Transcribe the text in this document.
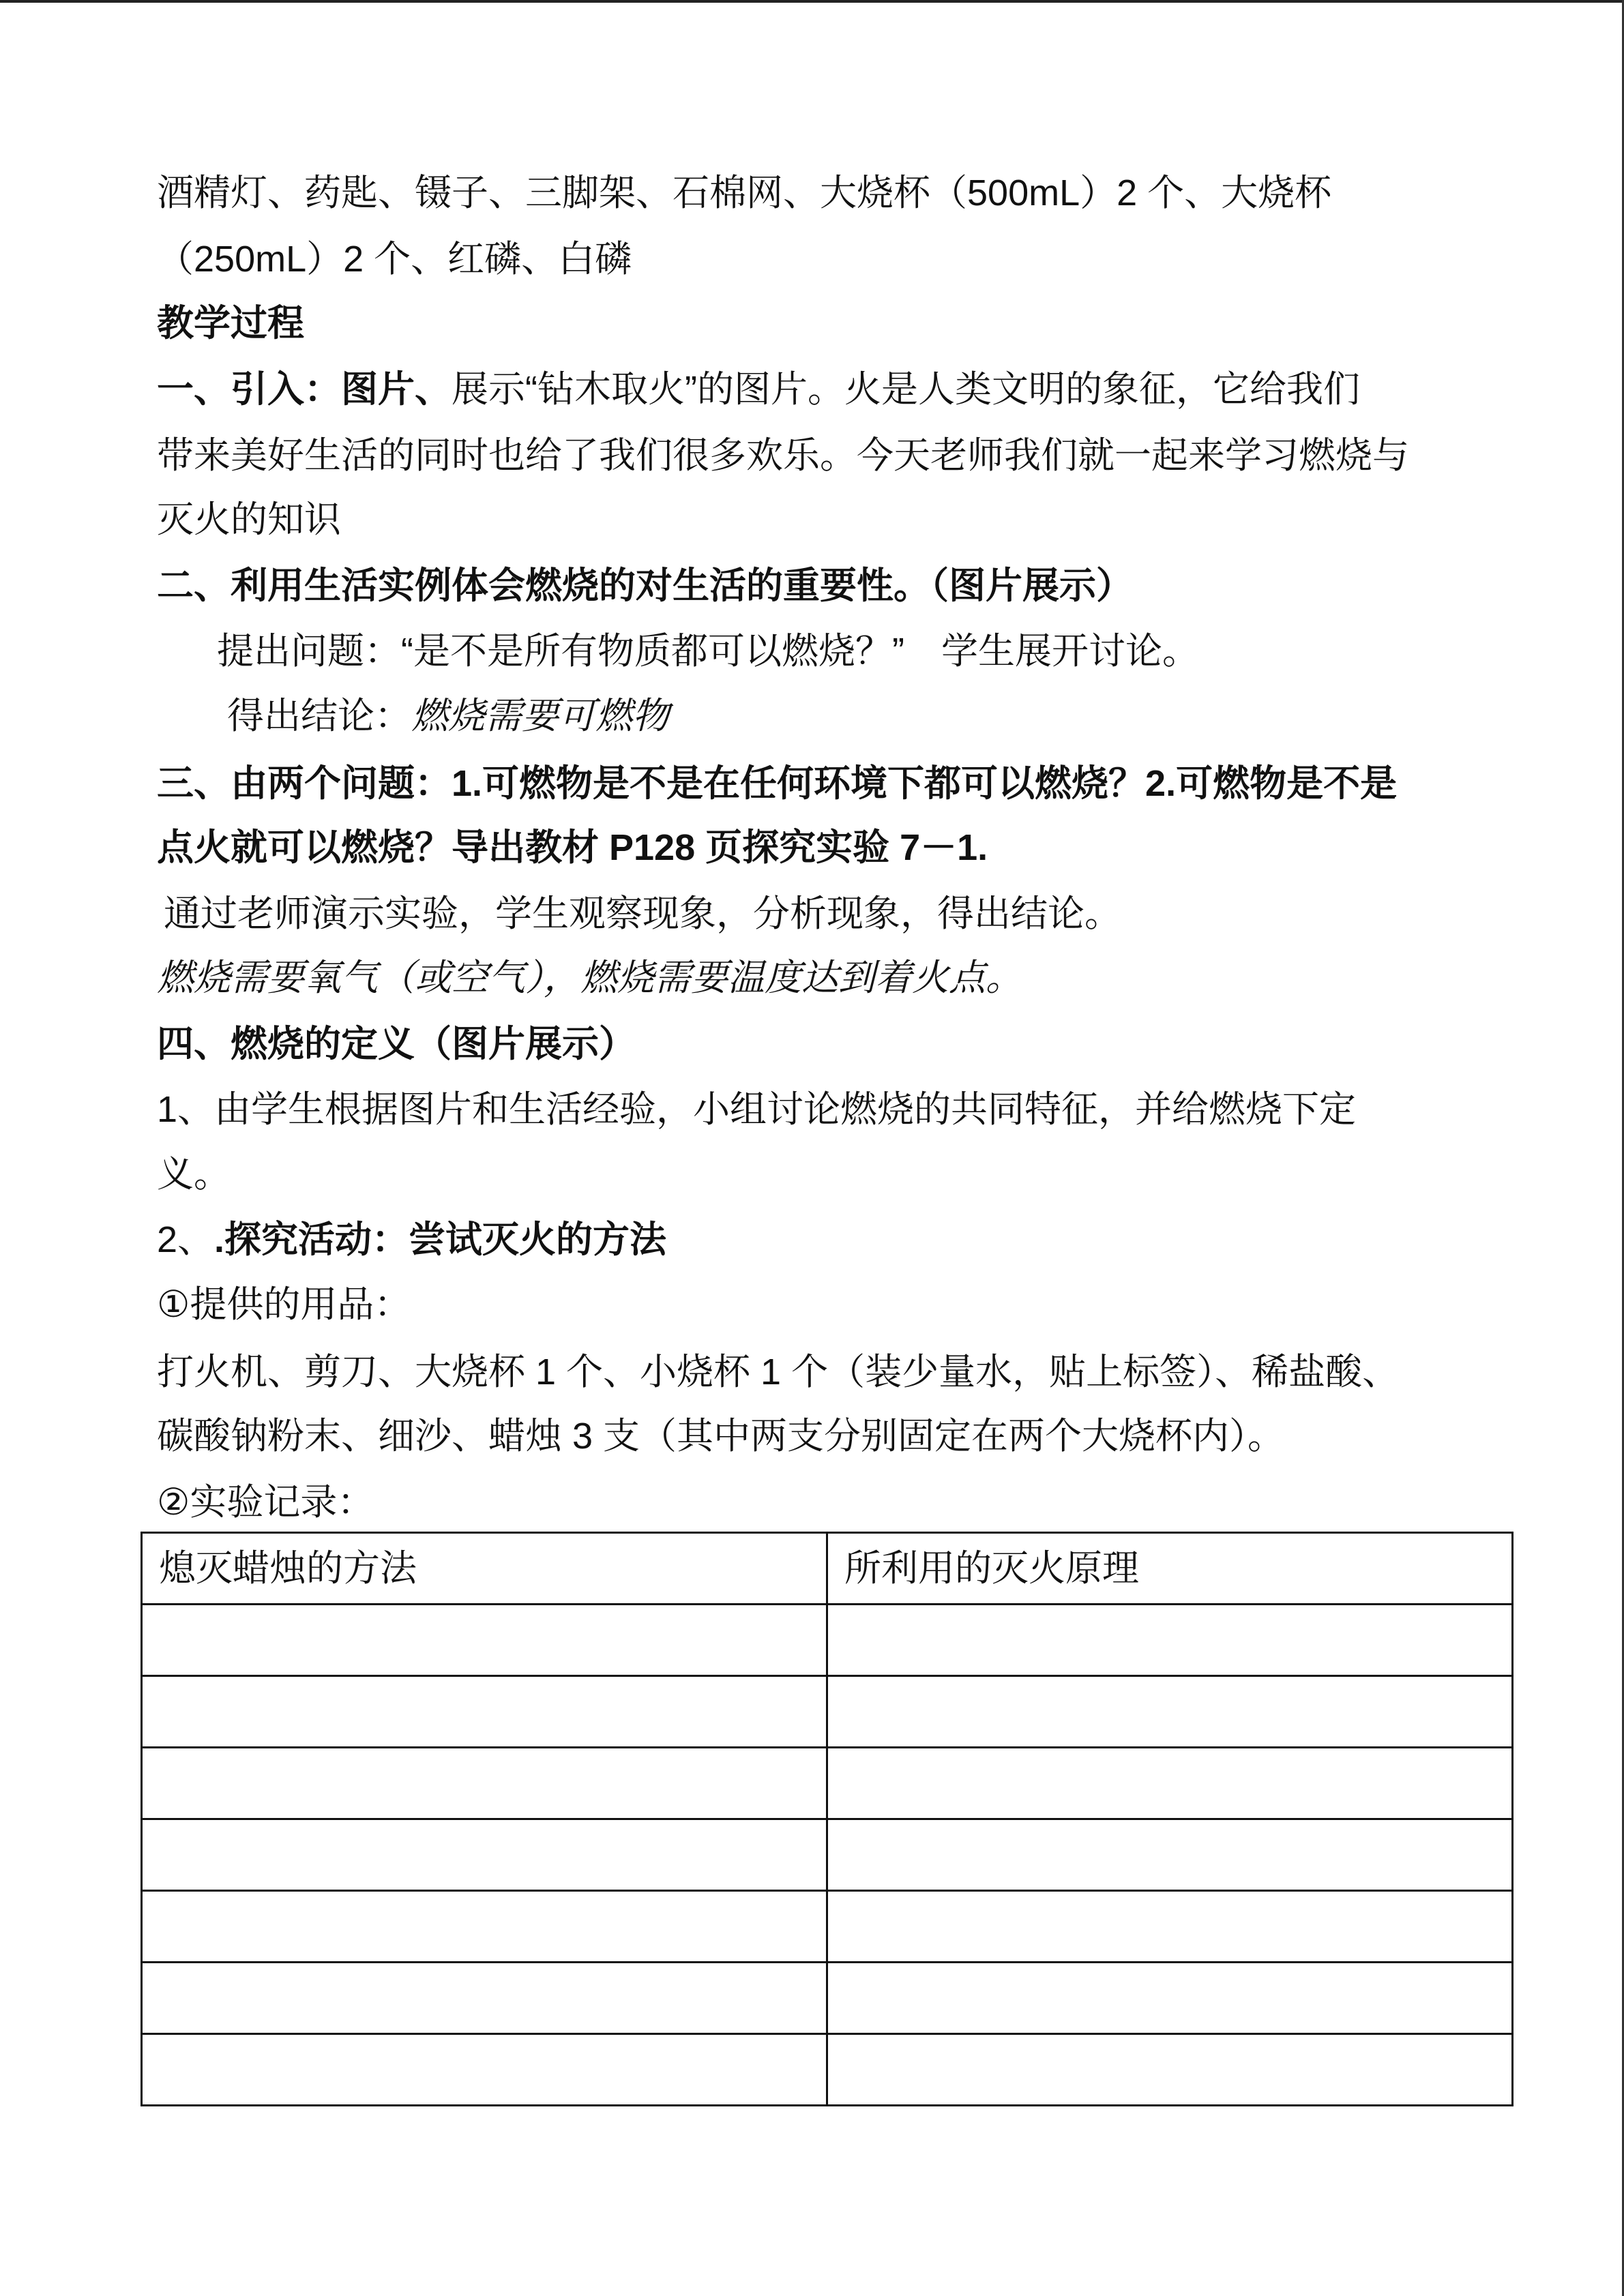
酒精灯、药匙、镊子、三脚架、石棉网、大烧杯（500mL）2 个、大烧杯
（250mL）2 个、红磷、白磷
教学过程
一、引入：图片、展示“钻木取火”的图片。火是人类文明的象征，它给我们
带来美好生活的同时也给了我们很多欢乐。今天老师我们就一起来学习燃烧与
灭火的知识
二、利用生活实例体会燃烧的对生活的重要性。（图片展示）
提出问题：“是不是所有物质都可以燃烧？”　学生展开讨论。
得出结论：燃烧需要可燃物
三、由两个问题：1.可燃物是不是在任何环境下都可以燃烧？2.可燃物是不是
点火就可以燃烧？导出教材 P128 页探究实验 7－1.
通过老师演示实验，学生观察现象，分析现象，得出结论。
燃烧需要氧气（或空气），燃烧需要温度达到着火点。
四、燃烧的定义（图片展示）
1、由学生根据图片和生活经验，小组讨论燃烧的共同特征，并给燃烧下定
义。
2、.探究活动：尝试灭火的方法
①提供的用品：
打火机、剪刀、大烧杯 1 个、小烧杯 1 个（装少量水，贴上标签）、稀盐酸、
碳酸钠粉末、细沙、蜡烛 3 支（其中两支分别固定在两个大烧杯内）。
②实验记录：
熄灭蜡烛的方法	所利用的灭火原理
